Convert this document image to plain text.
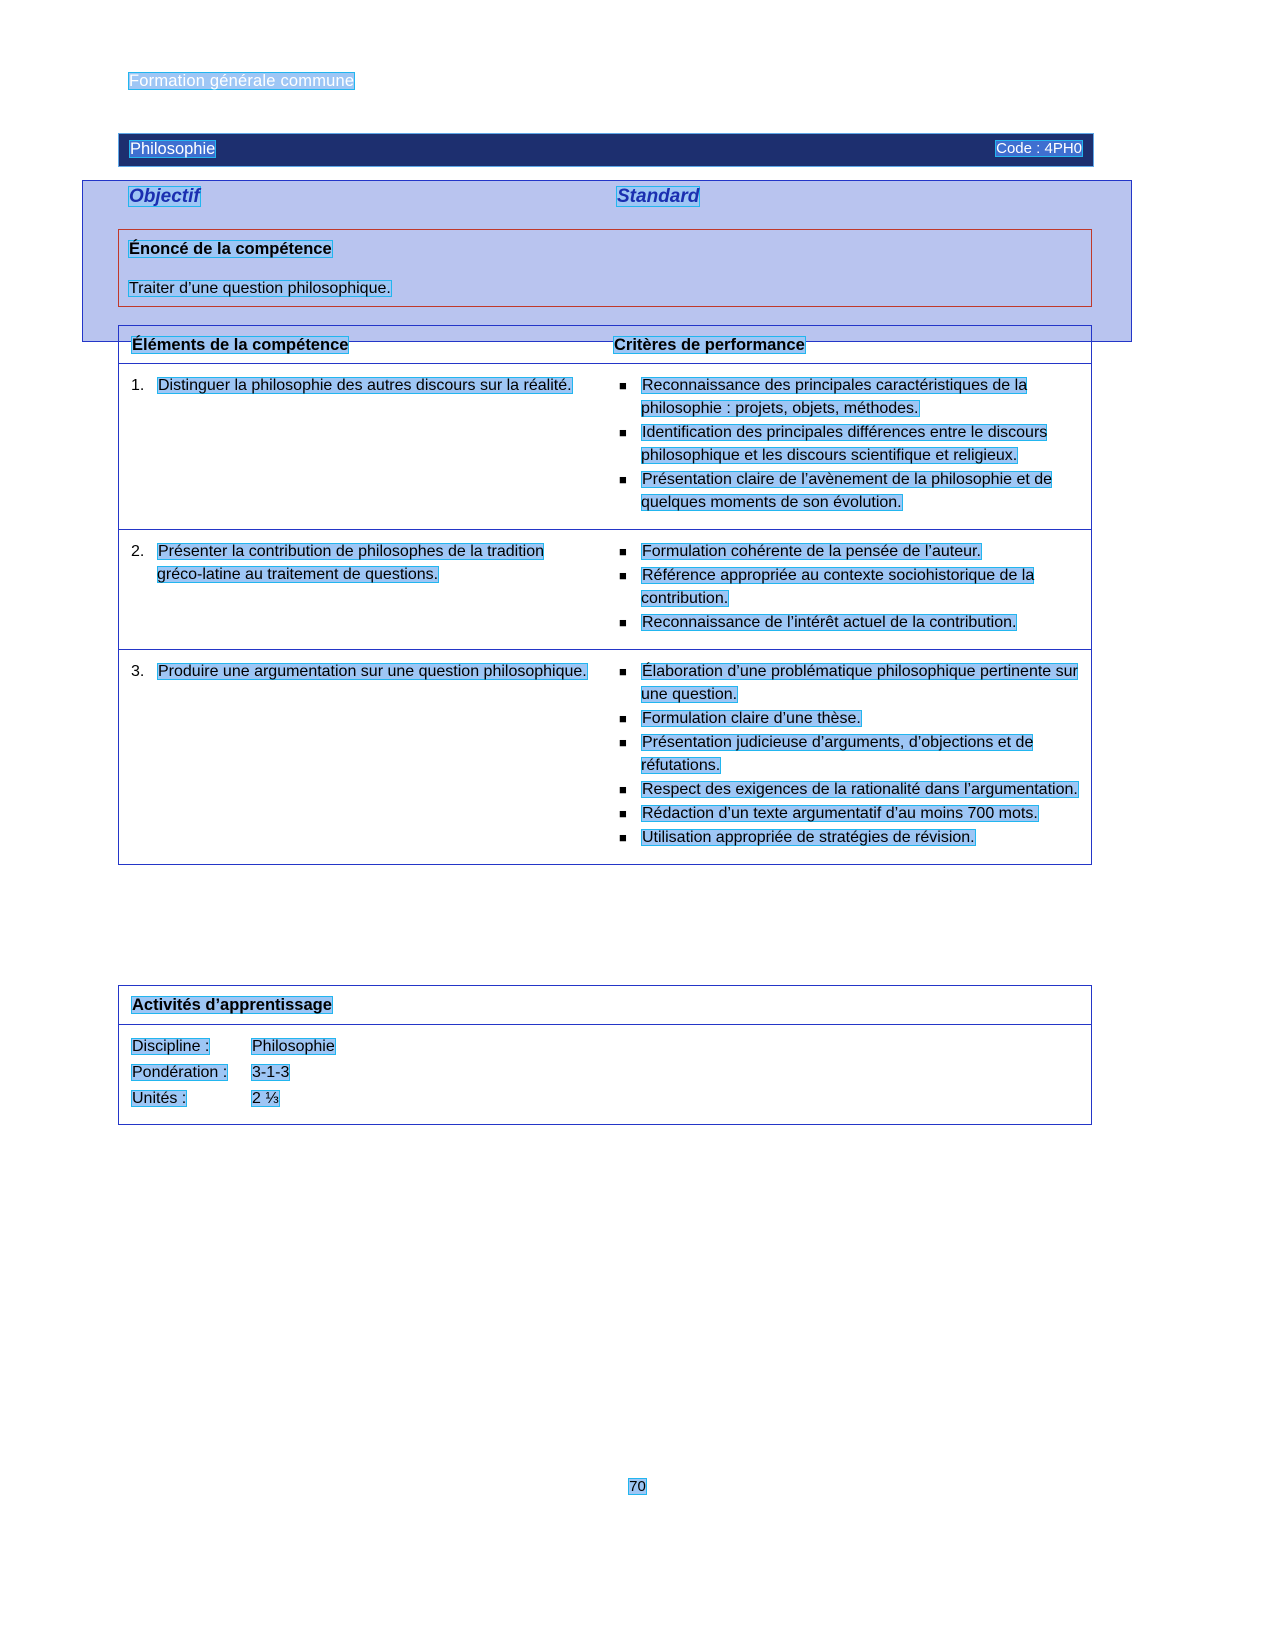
Formation générale commune
Philosophie	Code : 4PH0
Objectif	Standard
Énoncé de la compétence
Traiter d’une question philosophique.
Éléments de la compétence	Critères de performance
1. Distinguer la philosophie des autres discours sur la réalité.	■ Reconnaissance des principales caractéristiques de la philosophie : projets, objets, méthodes.
■ Identification des principales différences entre le discours philosophique et les discours scientifique et religieux.
■ Présentation claire de l’avènement de la philosophie et de quelques moments de son évolution.
2. Présenter la contribution de philosophes de la tradition gréco-latine au traitement de questions.
■ Formulation cohérente de la pensée de l’auteur.
■ Référence appropriée au contexte sociohistorique de la contribution.
■ Reconnaissance de l’intérêt actuel de la contribution.
3. Produire une argumentation sur une question philosophique.	■ Élaboration d’une problématique philosophique pertinente sur une question.
■ Formulation claire d’une thèse.
■ Présentation judicieuse d’arguments, d’objections et de réfutations.
■ Respect des exigences de la rationalité dans l’argumentation.
■ Rédaction d’un texte argumentatif d’au moins 700 mots.
■ Utilisation appropriée de stratégies de révision.
Activités d’apprentissage
Discipline :	Philosophie
Pondération :	3-1-3
Unités :	2 ⅓
70
